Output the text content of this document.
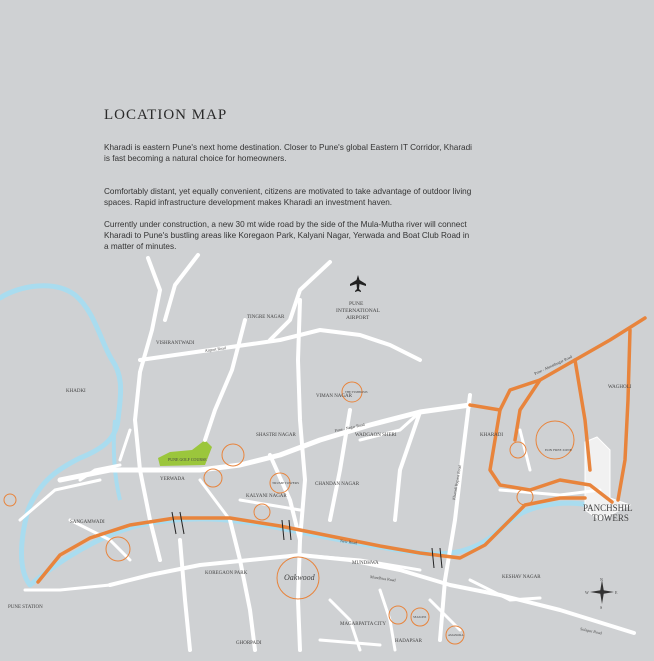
TINGRE NAGAR
VISHRANTWADI
KHADKI
VIMAN NAGAR
SHASTRI NAGAR	WADGAON SHERI	KHARADI
WAGHOLI
YERWADA
KALYANI NAGAR
CHANDAN NAGAR
SANGAMWADI
KOREGAON PARK
MUNDHWA
KESHAV NAGAR
MAGARPATTA CITY
HADAPSAR
GHORPADI
PUNE STATION
PUNE GOLF COURSE
PUNE
INTERNATIONAL
AIRPORT
PANCHSHIL
TOWERS
Oakwood
EON FREE ZONE
TRUMP TOWERS
THE SYMBIOSIS
SEASONS
AMANORA
N
S
E
W
Airport Road
Pune - Nagar Road
Pune - Ahmednagar Road
New Road
Solapur Road
Mundhwa Road
Kharadi Bypass Road
LOCATION MAP

Kharadi is eastern Pune's next home destination. Closer to Pune's global Eastern IT Corridor, Kharadi is fast becoming a natural choice for homeowners.

Comfortably distant, yet equally convenient, citizens are motivated to take advantage of outdoor living spaces. Rapid infrastructure development makes Kharadi an investment haven.

Currently under construction, a new 30 mt wide road by the side of the Mula-Mutha river will connect Kharadi to Pune's bustling areas like Koregaon Park, Kalyani Nagar, Yerwada and Boat Club Road in a matter of minutes.
